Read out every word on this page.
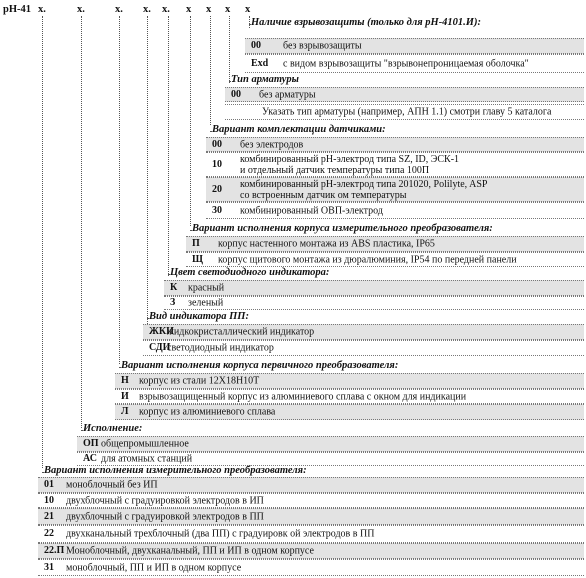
pH-41 x.	x.	x. x. x. x x x x
Наличие взрывозащиты (только для pH-4101.И):
00 без взрывозащиты
Exd с видом взрывозащиты "взрывонепроницаемая оболочка"
Тип арматуры
00 без арматуры
Указать тип арматуры (например, АПН 1.1) смотри главу 5 каталога
Вариант комплектации датчиками:
00 без электродов
10 комбинированный pH-электрод типа SZ, ID, ЭСК-1
и отдельный датчик температуры типа 100П
20 комбинированный pH-электрод типа 201020, Polilyte, ASP
со встроенным датчик ом температуры
30 комбинированный ОВП-электрод
Вариант исполнения корпуса измерительного преобразователя:
П корпус настенного монтажа из ABS пластика, IP65
Щ корпус щитового монтажа из дюралюминия, IP54 по передней панели
Цвет светодиодного индикатора:
К красный
З зеленый
Вид индикатора ПП:
ЖКИ
жидкокристаллический индикатор
СДИ
светодиодный индикатор
Вариант исполнения корпуса первичного преобразователя:
Н корпус из стали 12Х18Н10Т
И взрывозащищенный корпус из алюминиевого сплава с окном для индикации
Л корпус из алюминиевого сплава
Исполнение:
ОП общепромышленное
АС для атомных станций
Вариант исполнения измерительного преобразователя:
01 моноблочный без ИП
10 двухблочный с градуировкой электродов в ИП
21 двухблочный с градуировкой электродов в ПП
22 двухканальный трехблочный (два ПП) с градуировк ой электродов в ПП
22.П Моноблочный, двухканальный, ПП и ИП в одном корпусе
31 моноблочный, ПП и ИП в одном корпусе
